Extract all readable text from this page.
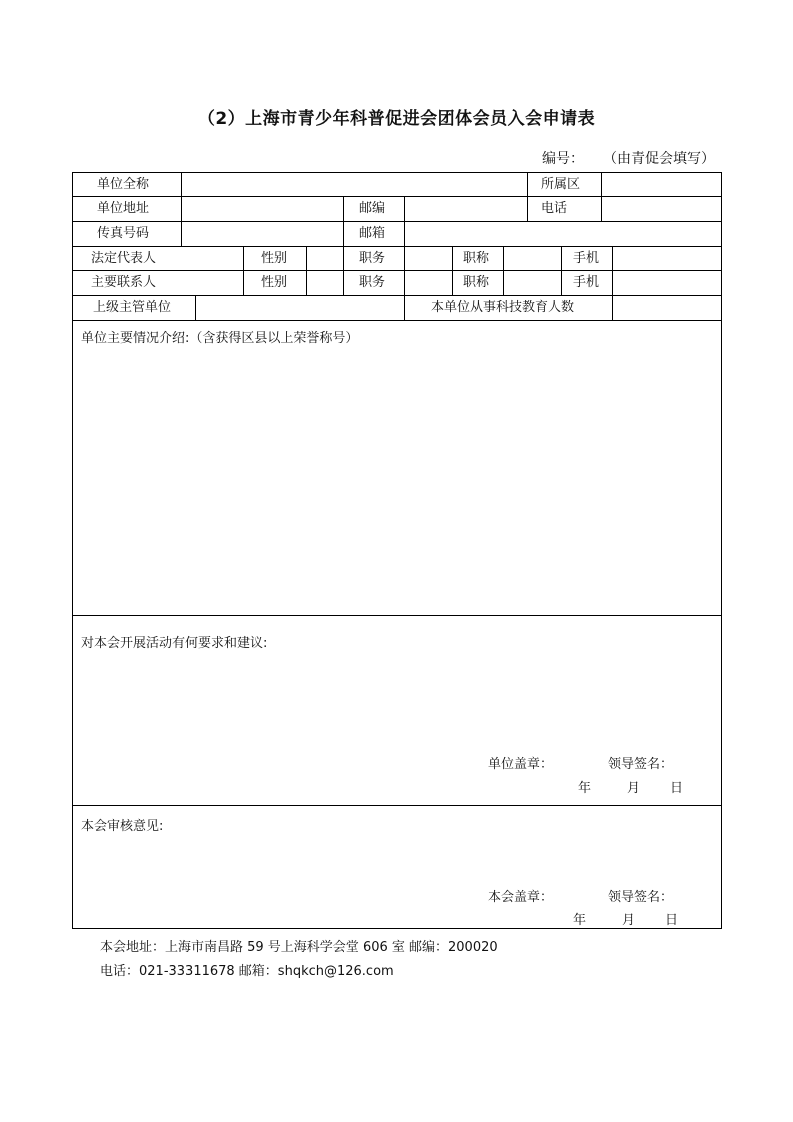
（2）上海市青少年科普促进会团体会员入会申请表
编号： （由青促会填写）
单位全称	所属区
单位地址	邮编	电话
传真号码	邮箱
法定代表人	性别	职务	职称	手机
主要联系人	性别	职务	职称	手机
上级主管单位	本单位从事科技教育人数
单位主要情况介绍:（含获得区县以上荣誉称号）
对本会开展活动有何要求和建议:
单位盖章：	领导签名：
年	月 日
本会审核意见:
本会盖章：	领导签名：
年	月 日
本会地址：上海市南昌路 59 号上海科学会堂 606 室 邮编：200020
电话：021-33311678 邮箱：shqkch@126.com
